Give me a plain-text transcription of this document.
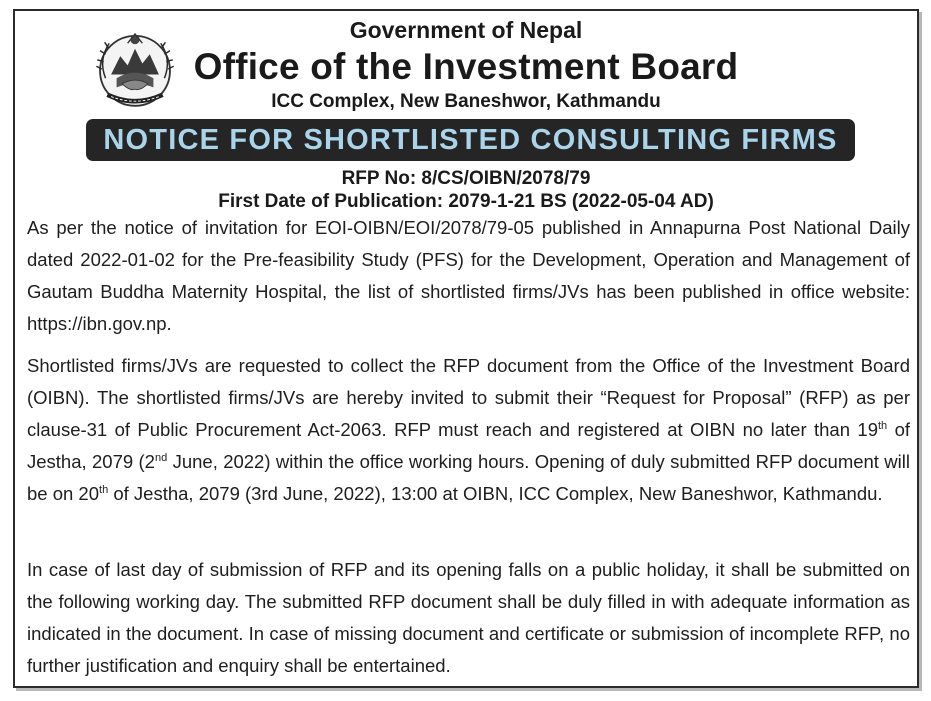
Government of Nepal
Office of the Investment Board
ICC Complex, New Baneshwor, Kathmandu
NOTICE FOR SHORTLISTED CONSULTING FIRMS
RFP No: 8/CS/OIBN/2078/79
First Date of Publication: 2079-1-21 BS (2022-05-04 AD)
As per the notice of invitation for EOI-OIBN/EOI/2078/79-05 published in Annapurna Post National Daily dated 2022-01-02 for the Pre-feasibility Study (PFS) for the Development, Operation and Management of Gautam Buddha Maternity Hospital, the list of shortlisted firms/JVs has been published in office website: https://ibn.gov.np.
Shortlisted firms/JVs are requested to collect the RFP document from the Office of the Investment Board (OIBN). The shortlisted firms/JVs are hereby invited to submit their “Request for Proposal” (RFP) as per clause-31 of Public Procurement Act-2063. RFP must reach and registered at OIBN no later than 19th of Jestha, 2079 (2nd June, 2022) within the office working hours. Opening of duly submitted RFP document will be on 20th of Jestha, 2079 (3rd June, 2022), 13:00 at OIBN, ICC Complex, New Baneshwor, Kathmandu.
In case of last day of submission of RFP and its opening falls on a public holiday, it shall be submitted on the following working day. The submitted RFP document shall be duly filled in with adequate information as indicated in the document. In case of missing document and certificate or submission of incomplete RFP, no further justification and enquiry shall be entertained.
